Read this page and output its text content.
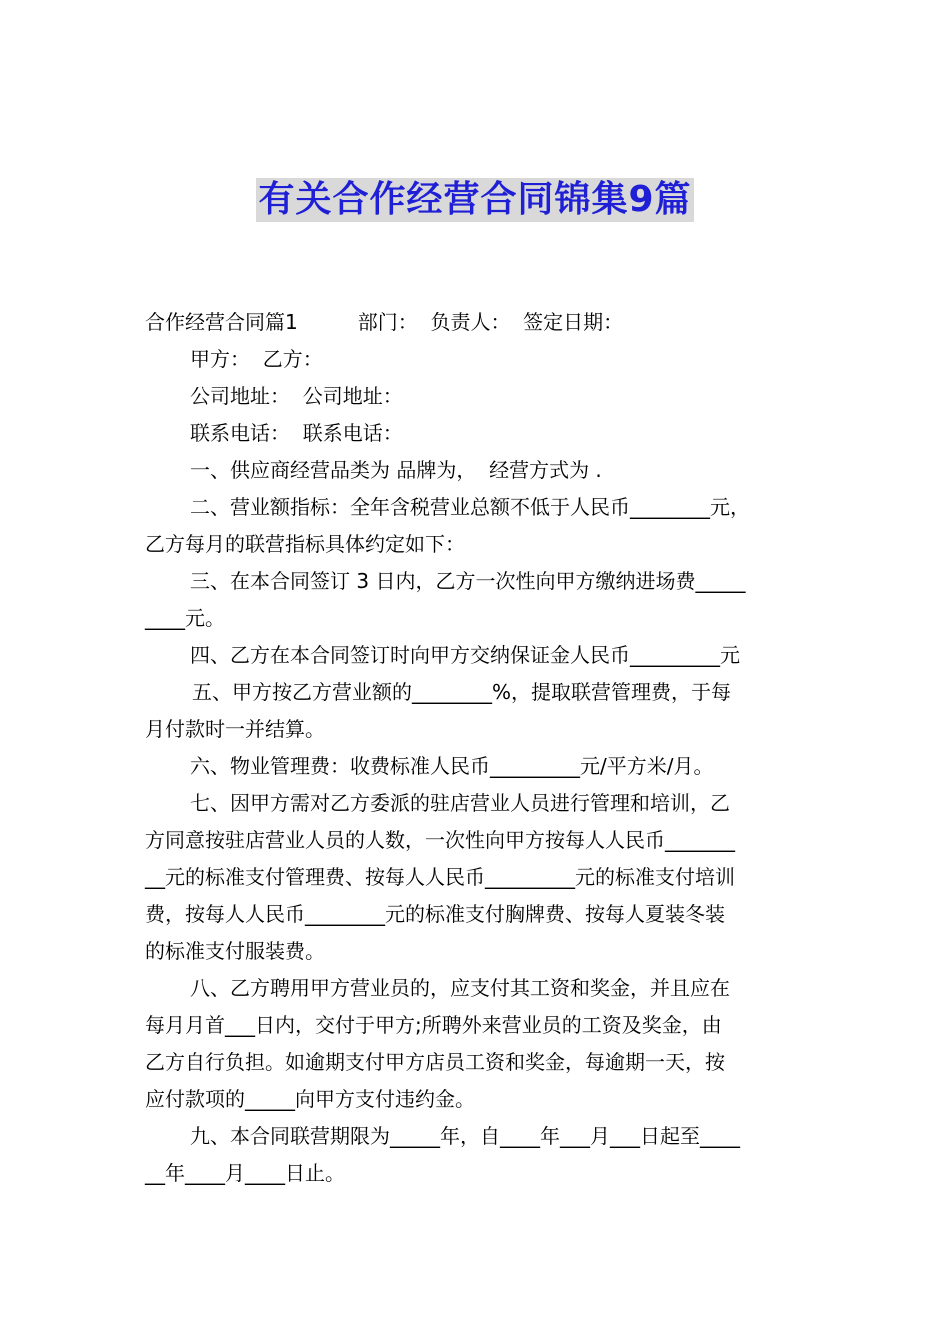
有关合作经营合同锦集9篇
合作经营合同篇1　　　部门：  负责人：  签定日期：
甲方：  乙方：
公司地址：  公司地址：
联系电话：  联系电话：
一、供应商经营品类为 品牌为，  经营方式为 .
二、营业额指标：全年含税营业总额不低于人民币________元，
乙方每月的联营指标具体约定如下：
三、在本合同签订 3 日内，乙方一次性向甲方缴纳进场费_____
____元。
四、乙方在本合同签订时向甲方交纳保证金人民币_________元
五、甲方按乙方营业额的________%，提取联营管理费，于每
月付款时一并结算。
六、物业管理费：收费标准人民币_________元/平方米/月。
七、因甲方需对乙方委派的驻店营业人员进行管理和培训，乙
方同意按驻店营业人员的人数，一次性向甲方按每人人民币_______
__元的标准支付管理费、按每人人民币_________元的标准支付培训
费，按每人人民币________元的标准支付胸牌费、按每人夏装冬装
的标准支付服装费。
八、乙方聘用甲方营业员的，应支付其工资和奖金，并且应在
每月月首___日内，交付于甲方;所聘外来营业员的工资及奖金，由
乙方自行负担。如逾期支付甲方店员工资和奖金，每逾期一天，按
应付款项的_____向甲方支付违约金。
九、本合同联营期限为_____年，自____年___月___日起至____
__年____月____日止。
